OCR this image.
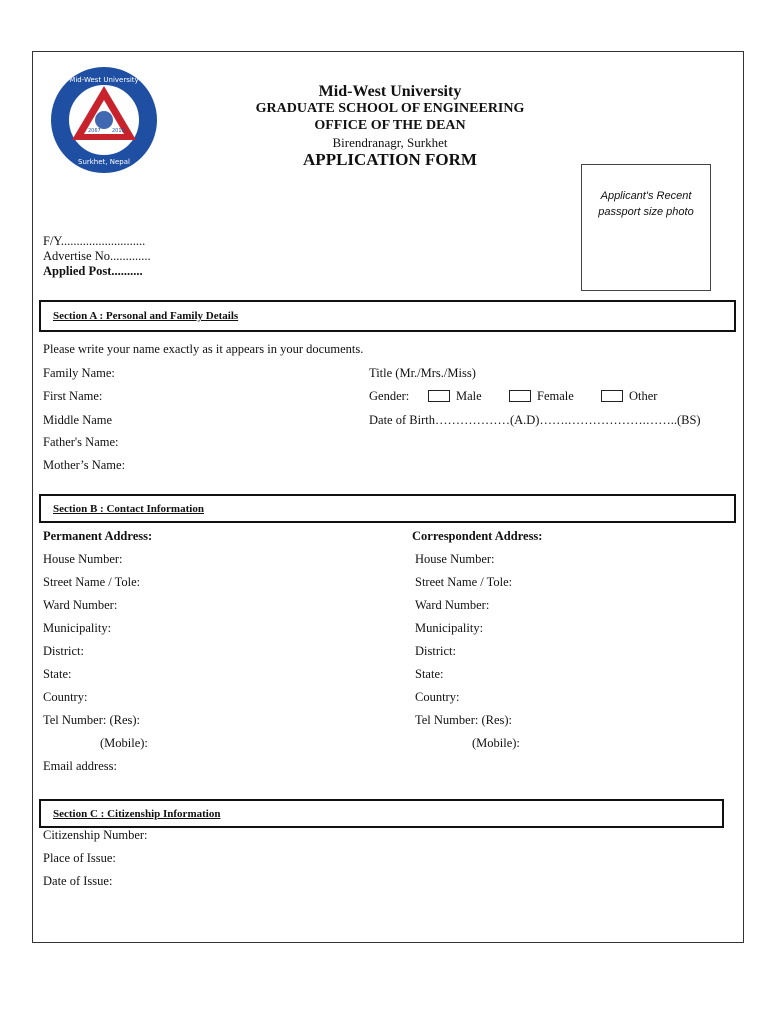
2067 2010
Mid-West University
Surkhet, Nepal
Mid-West University
GRADUATE SCHOOL OF ENGINEERING
OFFICE OF THE DEAN
Birendranagr, Surkhet
APPLICATION FORM
Applicant's Recent
passport size photo
F/Y...........................
Advertise No.............
Applied Post..........
Section A : Personal and Family Details
Please write your name exactly as it appears in your documents.
Family Name:
First Name:
Middle Name
Father's Name:
Mother’s Name:
Title (Mr./Mrs./Miss)
Gender:	Male	Female	Other
Date of Birth………………(A.D)…….……………….……..(BS)
Section B : Contact Information
Permanent Address:
House Number:
Street Name / Tole:
Ward Number:
Municipality:
District:
State:
Country:
Tel Number: (Res):
(Mobile):
Email address:
Correspondent Address:
House Number:
Street Name / Tole:
Ward Number:
Municipality:
District:
State:
Country:
Tel Number: (Res):
(Mobile):
Section C : Citizenship Information
Citizenship Number:
Place of Issue:
Date of Issue:
